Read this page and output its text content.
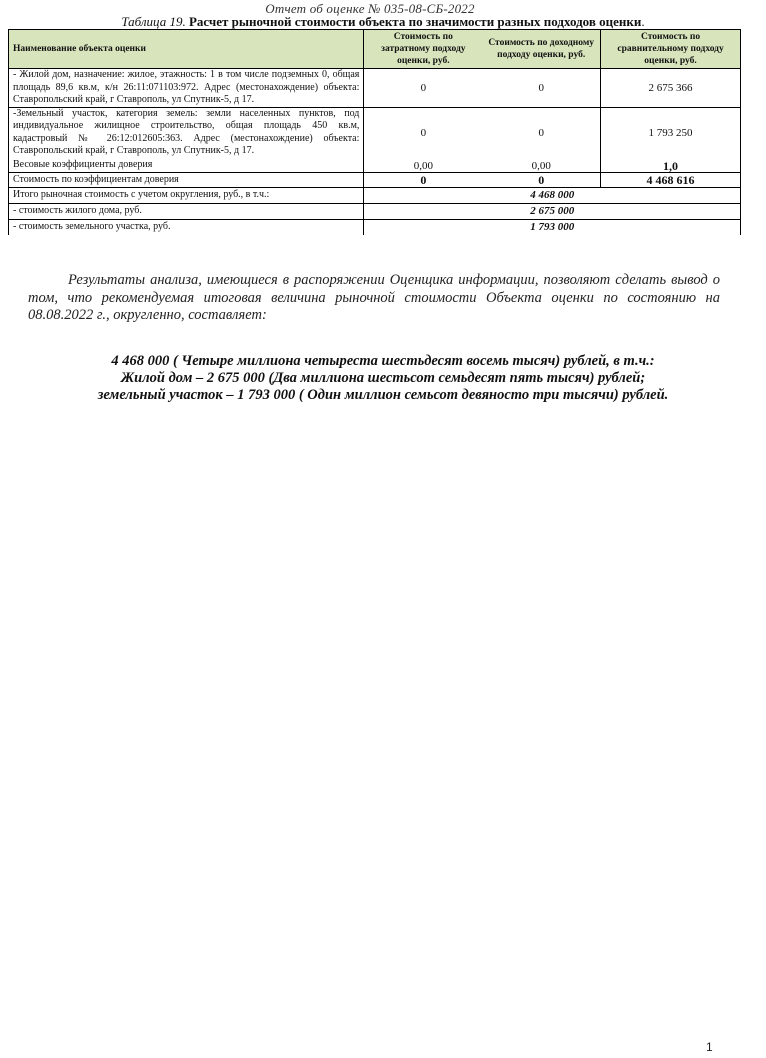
Отчет об оценке № 035-08-СБ-2022
Таблица 19. Расчет рыночной стоимости объекта по значимости разных подходов оценки.
Наименование объекта оценки	Стоимость по затратному подходу оценки, руб.	Стоимость по доходному подходу оценки, руб.	Стоимость по сравнительному подходу оценки, руб.
- Жилой дом, назначение: жилое, этажность: 1 в том числе подземных 0, общая площадь 89,6 кв.м, к/н 26:11:071103:972. Адрес (местонахождение) объекта: Ставропольский край, г Ставрополь, ул Спутник-5, д 17.	0	0	2 675 366
-Земельный участок, категория земель: земли населенных пунктов, под индивидуальное жилищное строительство, общая площадь 450 кв.м, кадастровый № 26:12:012605:363. Адрес (местонахождение) объекта: Ставропольский край, г Ставрополь, ул Спутник-5, д 17.	0	0	1 793 250
Весовые коэффициенты доверия	0,00	0,00	1,0
Стоимость по коэффициентам доверия	0	0	4 468 616
Итого рыночная стоимость с учетом округления, руб., в т.ч.:	4 468 000		
- стоимость жилого дома, руб.	2 675 000		
- стоимость земельного участка, руб.	1 793 000		
Результаты анализа, имеющиеся в распоряжении Оценщика информации, позволяют сделать вывод о том, что рекомендуемая итоговая величина рыночной стоимости Объекта оценки по состоянию на 08.08.2022 г., округленно, составляет:
4 468 000 ( Четыре миллиона четыреста шестьдесят восемь тысяч) рублей, в т.ч.:
Жилой дом – 2 675 000 (Два миллиона шестьсот семьдесят пять тысяч) рублей;
земельный участок – 1 793 000 ( Один миллион семьсот девяносто три тысячи) рублей.
1
